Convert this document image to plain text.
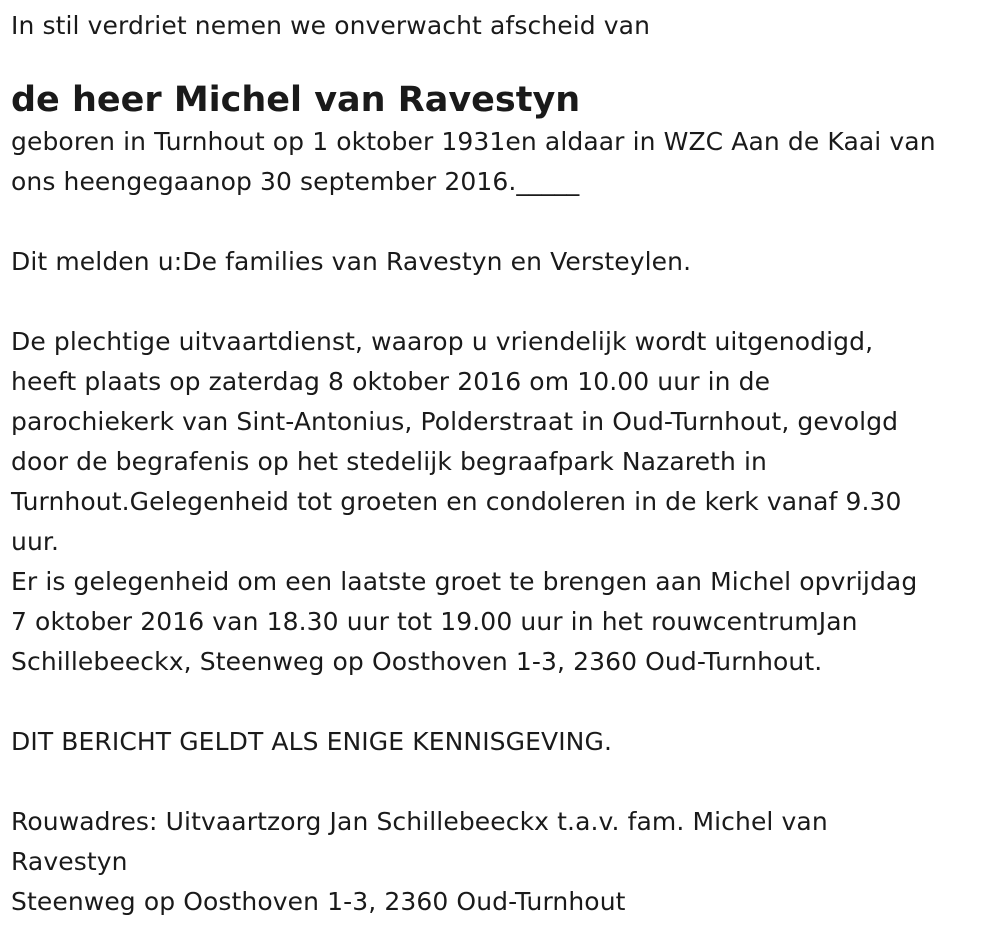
In stil verdriet nemen we onverwacht afscheid van

de heer Michel van Ravestyn

geboren in Turnhout op 1 oktober 1931en aldaar in WZC Aan de Kaai van

ons heengegaanop 30 september 2016._____

Dit melden u:De families van Ravestyn en Versteylen.

De plechtige uitvaartdienst, waarop u vriendelijk wordt uitgenodigd,

heeft plaats op zaterdag 8 oktober 2016 om 10.00 uur in de

parochiekerk van Sint-Antonius, Polderstraat in Oud-Turnhout, gevolgd

door de begrafenis op het stedelijk begraafpark Nazareth in

Turnhout.Gelegenheid tot groeten en condoleren in de kerk vanaf 9.30

uur.

Er is gelegenheid om een laatste groet te brengen aan Michel opvrijdag

7 oktober 2016 van 18.30 uur tot 19.00 uur in het rouwcentrumJan

Schillebeeckx, Steenweg op Oosthoven 1-3, 2360 Oud-Turnhout.

DIT BERICHT GELDT ALS ENIGE KENNISGEVING.

Rouwadres: Uitvaartzorg Jan Schillebeeckx t.a.v. fam. Michel van

Ravestyn

Steenweg op Oosthoven 1-3, 2360 Oud-Turnhout
